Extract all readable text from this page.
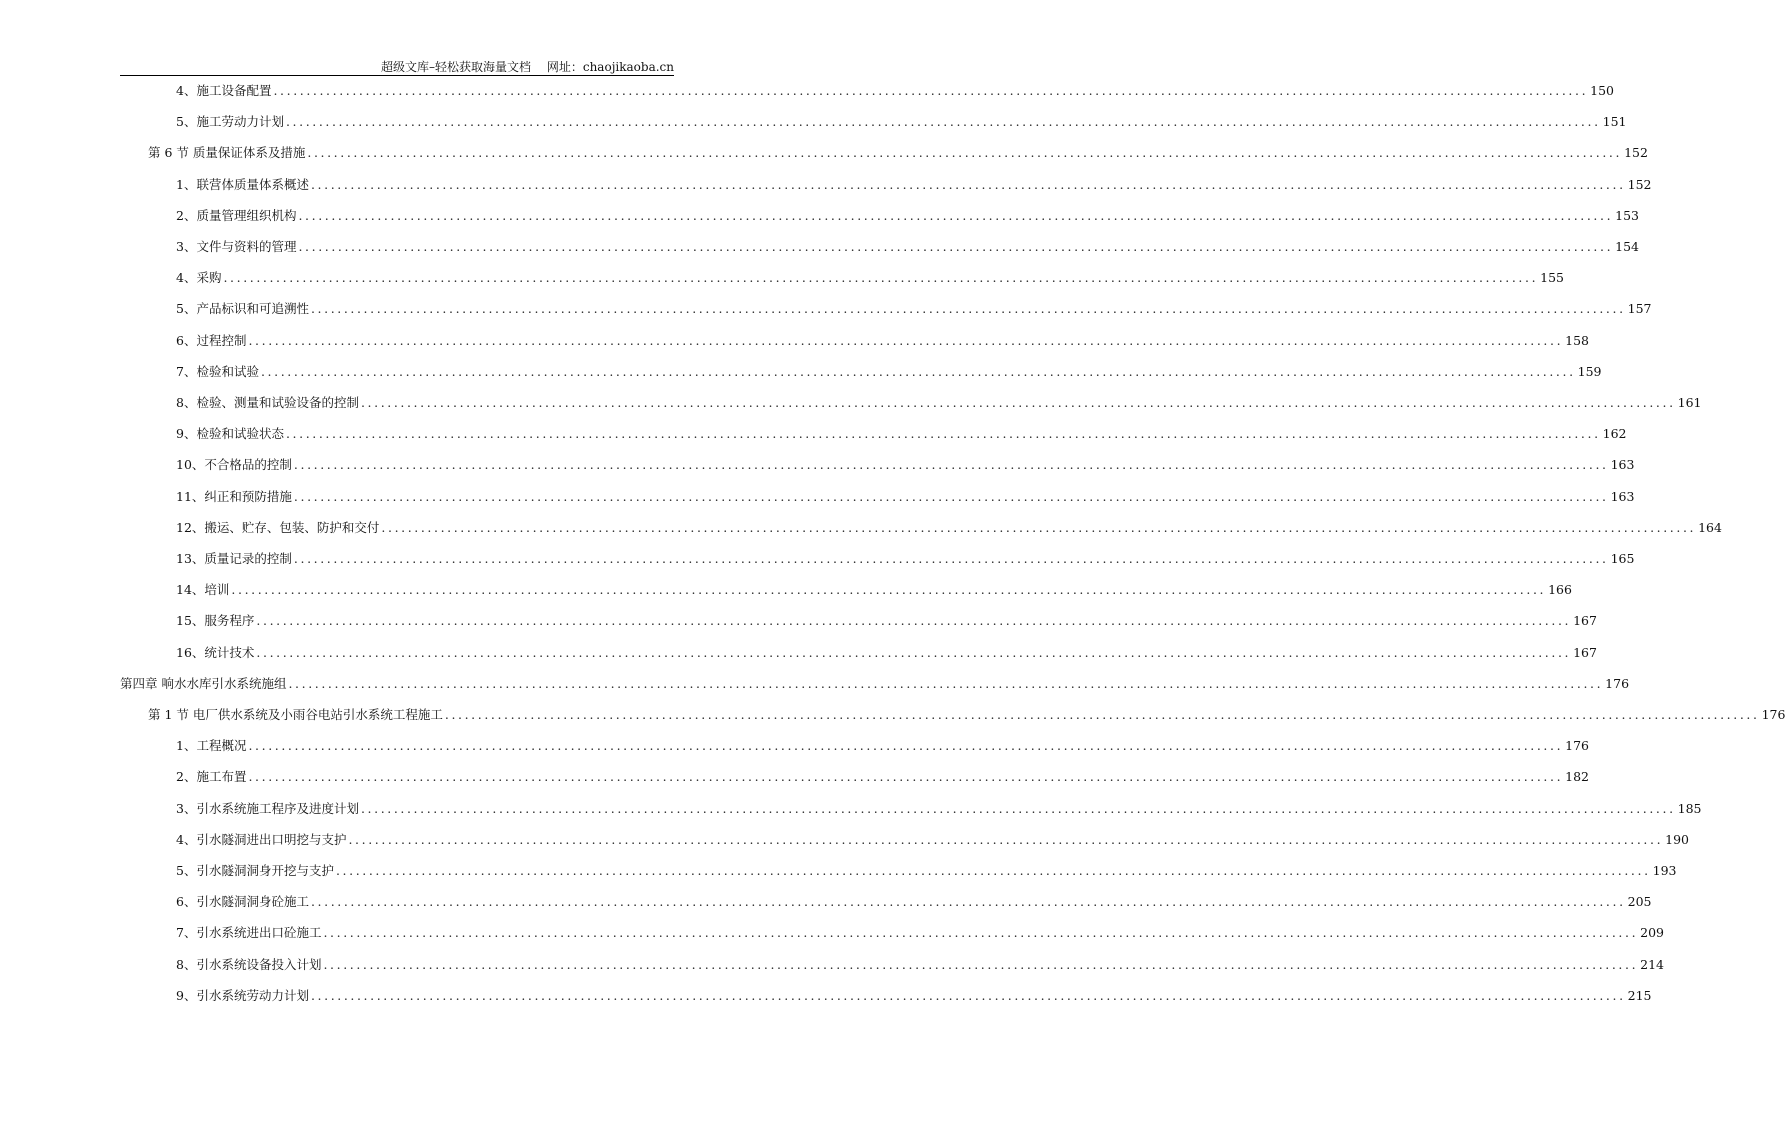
超级文库–轻松获取海量文档　 网址：chaojikaoba.cn
4、 施工设备配置 ........................................................................................................................................................................................................ 150
5、 施工劳动力计划 ........................................................................................................................................................................................................ 151
第 6 节 质量保证体系及措施 ........................................................................................................................................................................................................ 152
1、 联营体质量体系概述 ........................................................................................................................................................................................................ 152
2、 质量管理组织机构 ........................................................................................................................................................................................................ 153
3、 文件与资料的管理 ........................................................................................................................................................................................................ 154
4、 采购 ........................................................................................................................................................................................................ 155
5、 产品标识和可追溯性 ........................................................................................................................................................................................................ 157
6、 过程控制 ........................................................................................................................................................................................................ 158
7、 检验和试验 ........................................................................................................................................................................................................ 159
8、 检验、测量和试验设备的控制 ........................................................................................................................................................................................................ 161
9、 检验和试验状态 ........................................................................................................................................................................................................ 162
10、 不合格品的控制 ........................................................................................................................................................................................................ 163
11、 纠正和预防措施 ........................................................................................................................................................................................................ 163
12、 搬运、贮存、包装、防护和交付 ........................................................................................................................................................................................................ 164
13、 质量记录的控制 ........................................................................................................................................................................................................ 165
14、 培训 ........................................................................................................................................................................................................ 166
15、 服务程序 ........................................................................................................................................................................................................ 167
16、 统计技术 ........................................................................................................................................................................................................ 167
第四章 响水水库引水系统施组 ........................................................................................................................................................................................................ 176
第 1 节 电厂供水系统及小雨谷电站引水系统工程施工 ........................................................................................................................................................................................................ 176
1、 工程概况 ........................................................................................................................................................................................................ 176
2、 施工布置 ........................................................................................................................................................................................................ 182
3、 引水系统施工程序及进度计划 ........................................................................................................................................................................................................ 185
4、 引水隧洞进出口明挖与支护 ........................................................................................................................................................................................................ 190
5、 引水隧洞洞身开挖与支护 ........................................................................................................................................................................................................ 193
6、 引水隧洞洞身砼施工 ........................................................................................................................................................................................................ 205
7、 引水系统进出口砼施工 ........................................................................................................................................................................................................ 209
8、 引水系统设备投入计划 ........................................................................................................................................................................................................ 214
9、 引水系统劳动力计划 ........................................................................................................................................................................................................ 215
